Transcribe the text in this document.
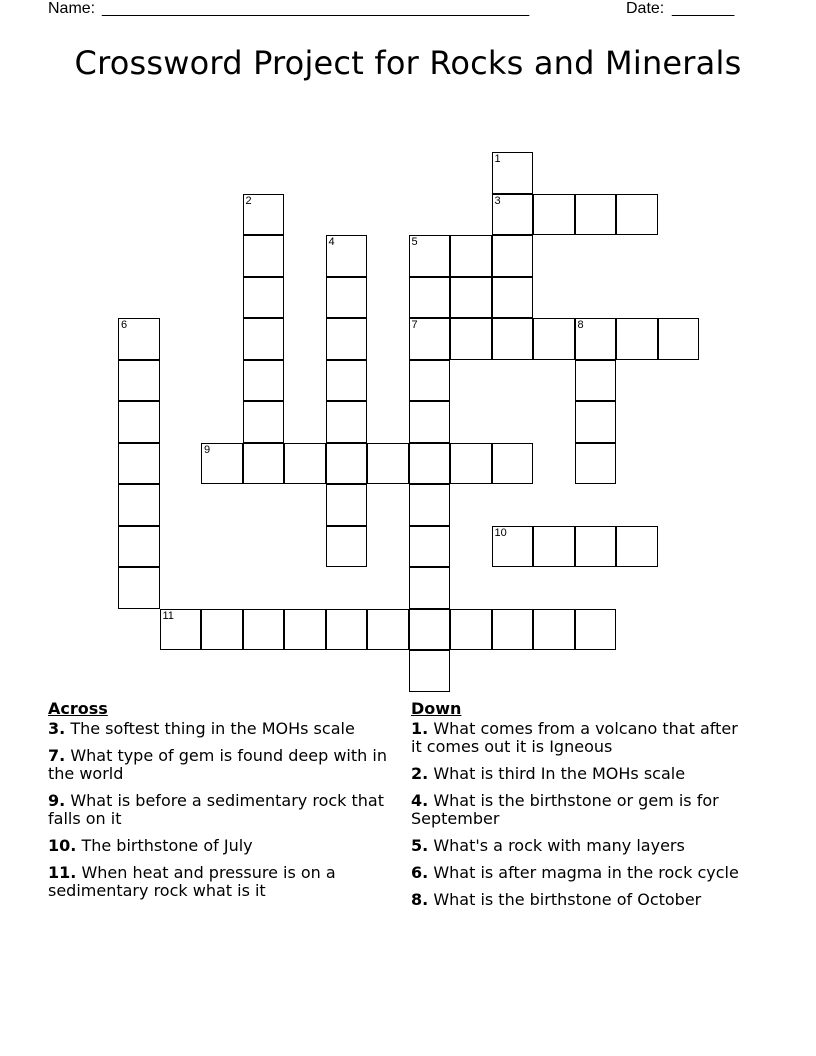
Name: ________________________________________________	Date: _______
Crossword Project for Rocks and Minerals
1
2	3
4	5
6	7	8
9
10
11
Across
3. The softest thing in the MOHs scale
7. What type of gem is found deep with in the world
9. What is before a sedimentary rock that falls on it
10. The birthstone of July
11. When heat and pressure is on a sedimentary rock what is it
Down
1. What comes from a volcano that after it comes out it is Igneous
2. What is third In the MOHs scale
4. What is the birthstone or gem is for September
5. What's a rock with many layers
6. What is after magma in the rock cycle
8. What is the birthstone of October
